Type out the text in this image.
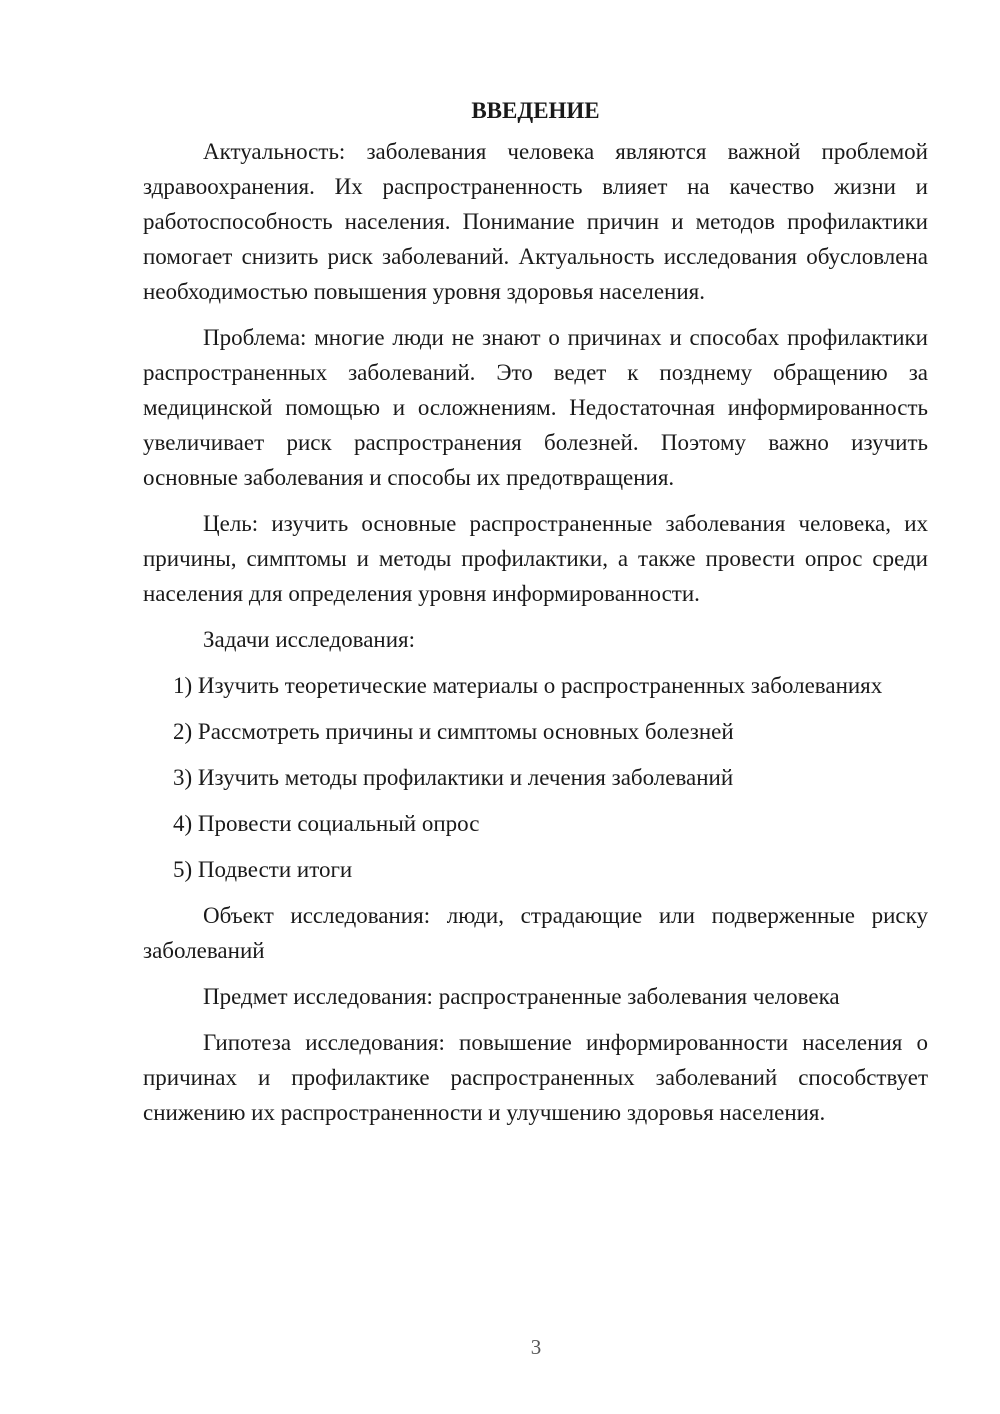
ВВЕДЕНИЕ

Актуальность: заболевания человека являются важной проблемой здравоохранения. Их распространенность влияет на качество жизни и работоспособность населения. Понимание причин и методов профилактики помогает снизить риск заболеваний. Актуальность исследования обусловлена необходимостью повышения уровня здоровья населения.

Проблема: многие люди не знают о причинах и способах профилактики распространенных заболеваний. Это ведет к позднему обращению за медицинской помощью и осложнениям. Недостаточная информированность увеличивает риск распространения болезней. Поэтому важно изучить основные заболевания и способы их предотвращения.

Цель: изучить основные распространенные заболевания человека, их причины, симптомы и методы профилактики, а также провести опрос среди населения для определения уровня информированности.

Задачи исследования:

1) Изучить теоретические материалы о распространенных заболеваниях

2) Рассмотреть причины и симптомы основных болезней

3) Изучить методы профилактики и лечения заболеваний

4) Провести социальный опрос

5) Подвести итоги

Объект исследования: люди, страдающие или подверженные риску заболеваний

Предмет исследования: распространенные заболевания человека

Гипотеза исследования: повышение информированности населения о причинах и профилактике распространенных заболеваний способствует снижению их распространенности и улучшению здоровья населения.

3
